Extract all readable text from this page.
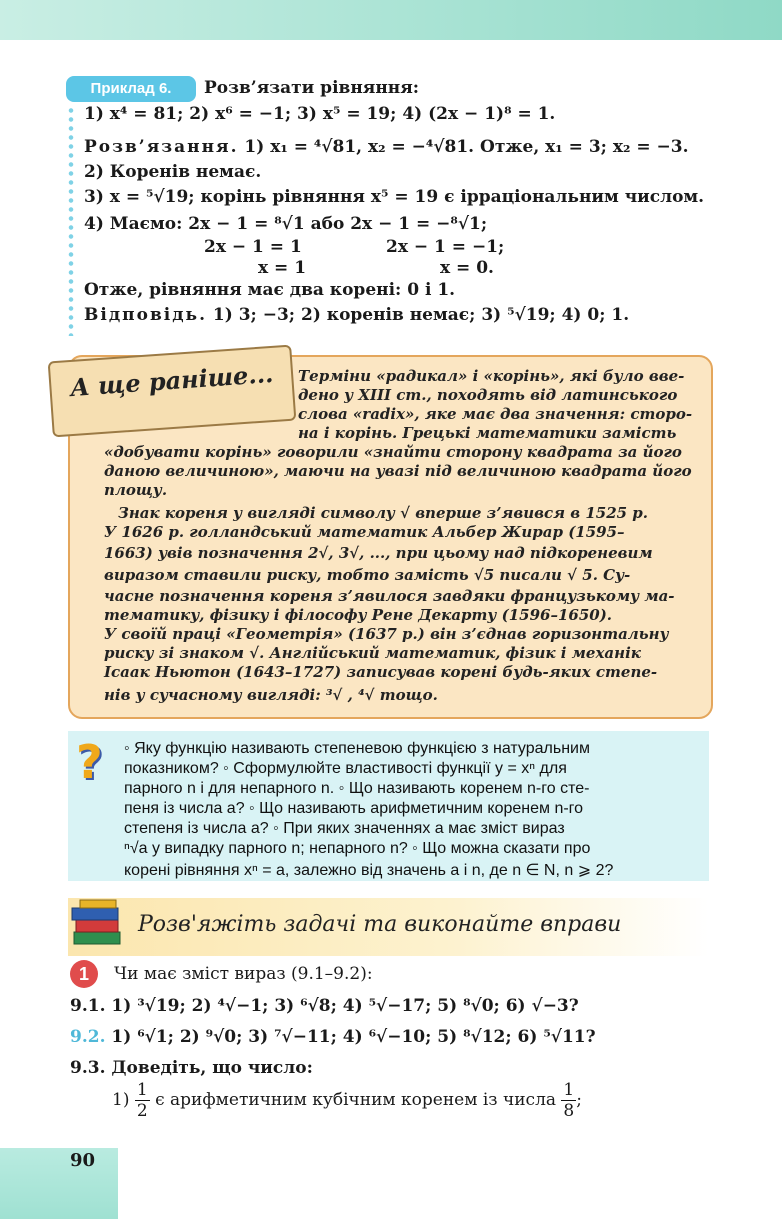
Приклад 6.	Розв’язати рівняння:
1) x⁴ = 81; 2) x⁶ = −1; 3) x⁵ = 19; 4) (2x − 1)⁸ = 1.
Розв’язання. 1) x₁ = ⁴√81, x₂ = −⁴√81. Отже, x₁ = 3; x₂ = −3.
2) Коренів немає.
3) x = ⁵√19; корінь рівняння x⁵ = 19 є ірраціональним числом.
4) Маємо: 2x − 1 = ⁸√1 або 2x − 1 = −⁸√1;
2x − 1 = 1	2x − 1 = −1;
x = 1	x = 0.
Отже, рівняння має два корені: 0 і 1.
Відповідь. 1) 3; −3; 2) коренів немає; 3) ⁵√19; 4) 0; 1.
А ще раніше... Терміни «радикал» і «корінь», які було вве-
дено у XIII ст., походять від латинського
слова «radix», яке має два значення: сторо-
на і корінь. Грецькі математики замість
«добувати корінь» говорили «знайти сторону квадрата за його
даною величиною», маючи на увазі під величиною квадрата його
площу.
Знак кореня у вигляді символу √ вперше з’явився в 1525 р.
У 1626 р. голландський математик Альбер Жирар (1595–
1663) увів позначення 2√, 3√, ..., при цьому над підкореневим
виразом ставили риску, тобто замість √5 писали √ 5. Су-
часне позначення кореня з’явилося завдяки французькому ма-
тематику, фізику і філософу Рене Декарту (1596–1650).
У своїй праці «Геометрія» (1637 р.) він з’єднав горизонтальну
риску зі знаком √. Англійський математик, фізик і механік
Ісаак Ньютон (1643–1727) записував корені будь-яких степе-
нів у сучасному вигляді: ³√ , ⁴√ тощо.
?	◦ Яку функцію називають степеневою функцією з натуральним
показником? ◦ Сформулюйте властивості функції y = xⁿ для
парного n і для непарного n. ◦ Що називають коренем n-го сте-
пеня із числа a? ◦ Що називають арифметичним коренем n-го
степеня із числа a? ◦ При яких значеннях a має зміст вираз
ⁿ√a у випадку парного n; непарного n? ◦ Що можна сказати про
корені рівняння xⁿ = a, залежно від значень a і n, де n ∈ N, n ⩾ 2?
Розв'яжіть задачі та виконайте вправи
1	Чи має зміст вираз (9.1–9.2):
9.1. 1) ³√19; 2) ⁴√−1; 3) ⁶√8; 4) ⁵√−17; 5) ⁸√0; 6) √−3?
9.2. 1) ⁶√1; 2) ⁹√0; 3) ⁷√−11; 4) ⁶√−10; 5) ⁸√12; 6) ⁵√11?
9.3. Доведіть, що число:
$1) \frac{1}{2}$ є арифметичним кубічним коренем із числа $\frac{1}{8}$ ;
90
